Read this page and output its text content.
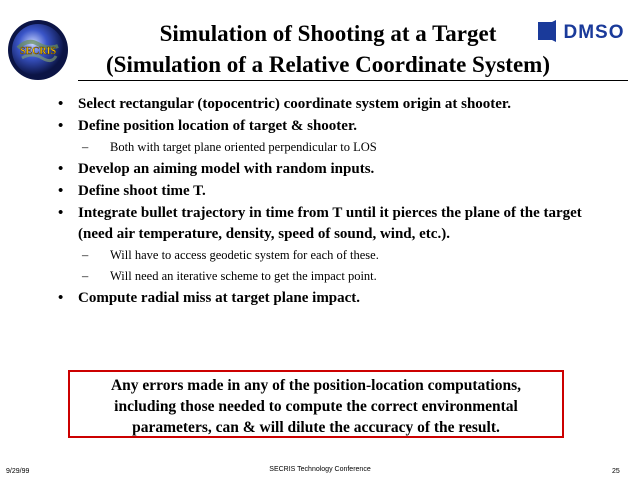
SECRIS
DMSO
Simulation of Shooting at a Target
(Simulation of a Relative Coordinate System)
• Select rectangular (topocentric) coordinate system origin at shooter.
• Define position location of target & shooter.
– Both with target plane oriented perpendicular to LOS
• Develop an aiming model with random inputs.
• Define shoot time T.
• Integrate bullet trajectory in time from T until it pierces the plane of the target (need air temperature, density, speed of sound, wind, etc.).
– Will have to access geodetic system for each of these.
– Will need an iterative scheme to get the impact point.
• Compute radial miss at target plane impact.
Any errors made in any of the position-location computations,
including those needed to compute the correct environmental
parameters, can & will dilute the accuracy of the result.
9/29/99	SECRIS Technology Conference	25
